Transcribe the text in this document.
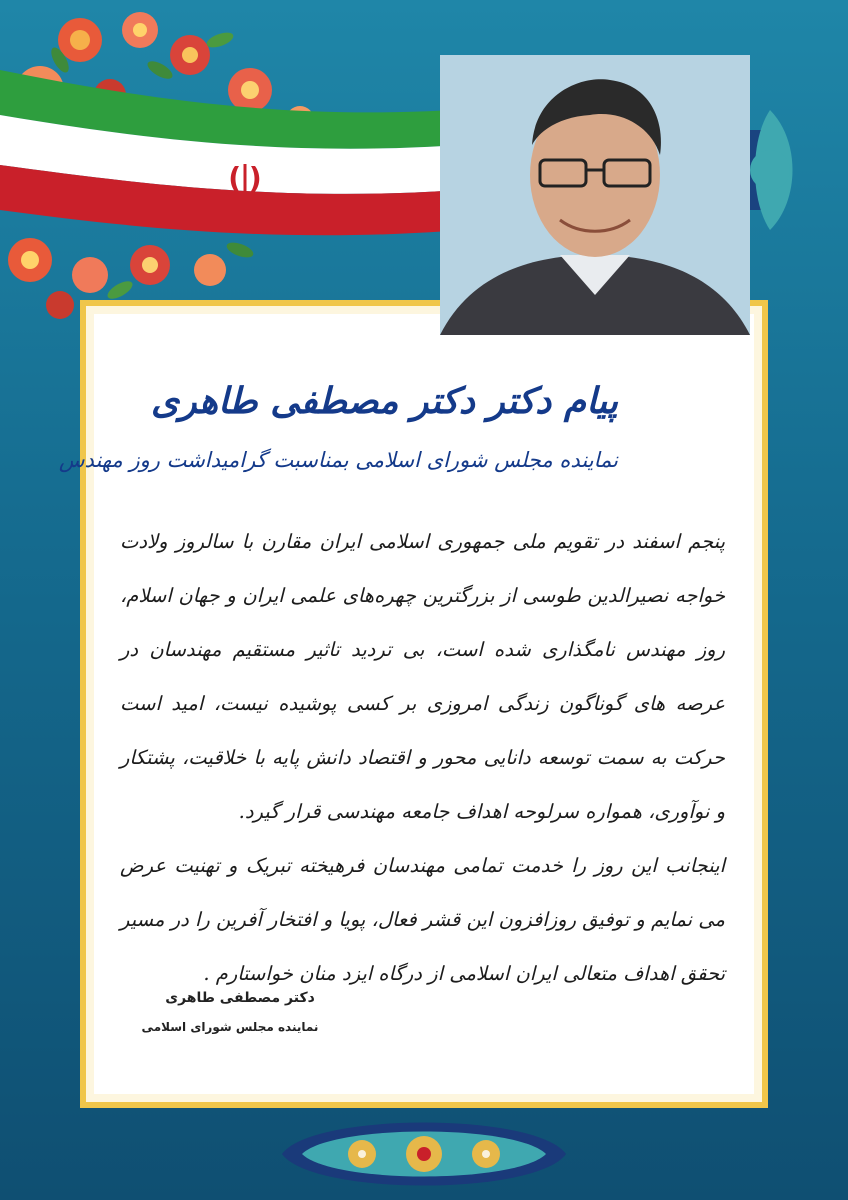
پیام دکتر دکتر مصطفی طاهری
نماینده مجلس شورای اسلامی بمناسبت گرامیداشت روز مهندس

پنجم اسفند در تقویم ملی جمهوری اسلامی ایران مقارن با سالروز ولادت خواجه نصیرالدین طوسی از بزرگترین چهره‌های علمی ایران و جهان اسلام، روز مهندس نامگذاری شده است، بی تردید تاثیر مستقیم مهندسان در عرصه های گوناگون زندگی امروزی بر کسی پوشیده نیست، امید است حرکت به سمت توسعه دانایی محور و اقتصاد دانش پایه با خلاقیت، پشتکار و نوآوری، همواره سرلوحه اهداف جامعه مهندسی قرار گیرد.

اینجانب این روز را خدمت تمامی مهندسان فرهیخته تبریک و تهنیت عرض می نمایم و توفیق روزافزون این قشر فعال، پویا و افتخار آفرین را در مسیر تحقق اهداف متعالی ایران اسلامی از درگاه ایزد منان خواستارم .

دکتر مصطفی طاهری
نماینده مجلس شورای اسلامی
